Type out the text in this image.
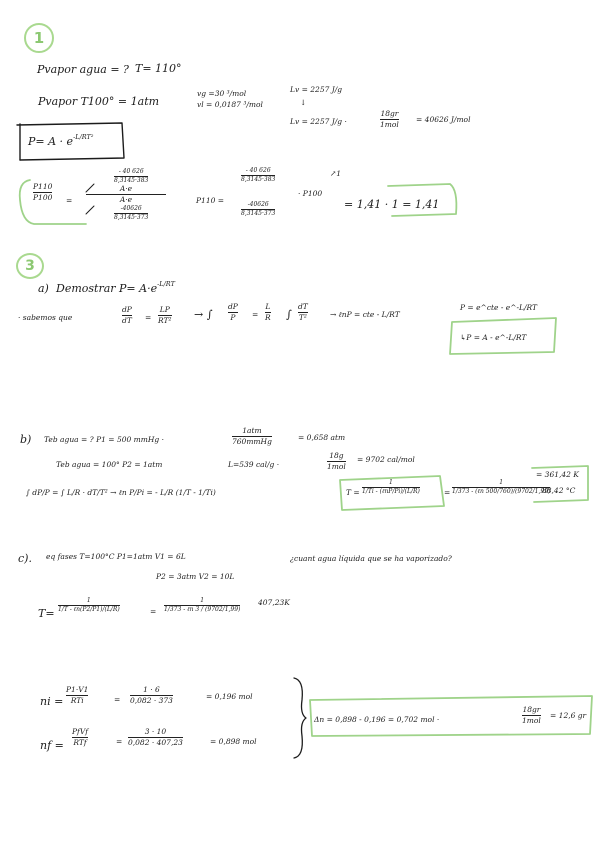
1
Pvapor agua = ? T= 110°
Pvapor T100° = 1atm
vg =30 ³/mol
vl = 0,0187 ³/mol
Lv = 2257 J/g
↓
Lv = 2257 J/g ·
18gr
1mol
= 40626 J/mol
$P= A \cdot e^{-L/RT^2}$
P110
P100 =
- 40 626
8,3145·383
A·e
A·e
-40626
8,3145·373
P110 =
- 40 626
8,3145·383
-40626
8,3145·373
· P100
↗1
= 1,41 · 1 = 1,41
3
a) Demostrar $P= A\cdot e^{-L/RT}$
· sabemos que
dP
dT =
LP
RT² → ∫
dP
P =
L
R ∫
dT
T²	→ ℓnP = cte - L/RT
P = e^cte - e^-L/RT
↳P = A - e^-L/RT
b) Teb agua = ? P1 = 500 mmHg ·
1atm
760mmHg	= 0,658 atm
Teb agua = 100° P2 = 1atm	L=539 cal/g ·
18g
1mol
= 9702 cal/mol
∫ dP/P = ∫ L/R · dT/T² → ℓn P/Pi = - L/R (1/T - 1/Ti)	T =
1
1/Ti - (ℓnP/Pi)/(L/R)	=
1
1/373 - (ℓn 500/760)/(9702/1,99)
= 361,42 K
88,42 °C
c). eq fases T=100°C P1=1atm V1 = 6L	¿cuant agua líquida que se ha vaporizado?
P2 = 3atm V2 = 10L
T=
1
1/T - ℓn(P2/P1)/(L/R)	=
1
1/373 - ℓn 3 / (9702/1,99)
407,23K
ni =
P1·V1
RTi	=
1 · 6
0,082 · 373	= 0,196 mol
nf =
PfVf
RTf	=
3 · 10
0,082 · 407,23	= 0,898 mol
Δn = 0,898 - 0,196 = 0,702 mol ·
18gr
1mol
= 12,6 gr
